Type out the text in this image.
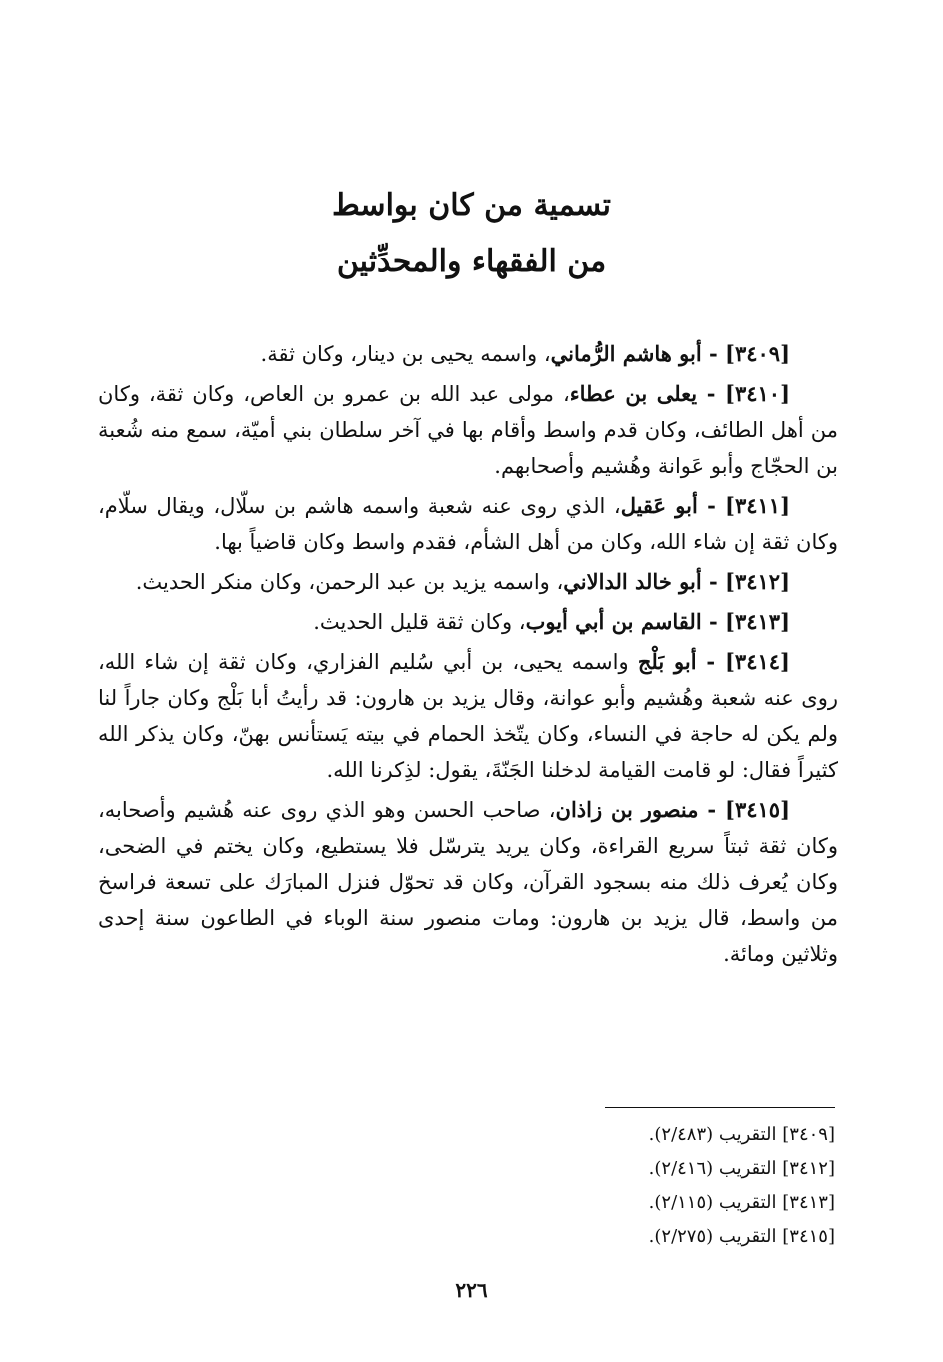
تسمية من كان بواسط
من الفقهاء والمحدِّثين

[٣٤٠٩] - أبو هاشم الرُّماني، واسمه يحيى بن دينار، وكان ثقة.

[٣٤١٠] - يعلى بن عطاء، مولى عبد الله بن عمرو بن العاص، وكان ثقة، وكان من أهل الطائف، وكان قدم واسط وأقام بها في آخر سلطان بني أميّة، سمع منه شُعبة بن الحجّاج وأبو عَوانة وهُشيم وأصحابهم.

[٣٤١١] - أبو عَقيل، الذي روى عنه شعبة واسمه هاشم بن سلّال، ويقال سلّام، وكان ثقة إن شاء الله، وكان من أهل الشأم، فقدم واسط وكان قاضياً بها.

[٣٤١٢] - أبو خالد الدالاني، واسمه يزيد بن عبد الرحمن، وكان منكر الحديث.

[٣٤١٣] - القاسم بن أبي أيوب، وكان ثقة قليل الحديث.

[٣٤١٤] - أبو بَلْج واسمه يحيى، بن أبي سُليم الفزاري، وكان ثقة إن شاء الله، روى عنه شعبة وهُشيم وأبو عوانة، وقال يزيد بن هارون: قد رأيتُ أبا بَلْج وكان جاراً لنا ولم يكن له حاجة في النساء، وكان يتّخذ الحمام في بيته يَستأنس بهنّ، وكان يذكر الله كثيراً فقال: لو قامت القيامة لدخلنا الجَنّةَ، يقول: لذِكرنا الله.

[٣٤١٥] - منصور بن زاذان، صاحب الحسن وهو الذي روى عنه هُشيم وأصحابه، وكان ثقة ثبتاً سريع القراءة، وكان يريد يترسّل فلا يستطيع، وكان يختم في الضحى، وكان يُعرف ذلك منه بسجود القرآن، وكان قد تحوّل فنزل المبارَك على تسعة فراسخ من واسط، قال يزيد بن هارون: ومات منصور سنة الوباء في الطاعون سنة إحدى وثلاثين ومائة.

[٣٤٠٩] التقريب (٢/٤٨٣).
[٣٤١٢] التقريب (٢/٤١٦).
[٣٤١٣] التقريب (٢/١١٥).
[٣٤١٥] التقريب (٢/٢٧٥).
٢٢٦
